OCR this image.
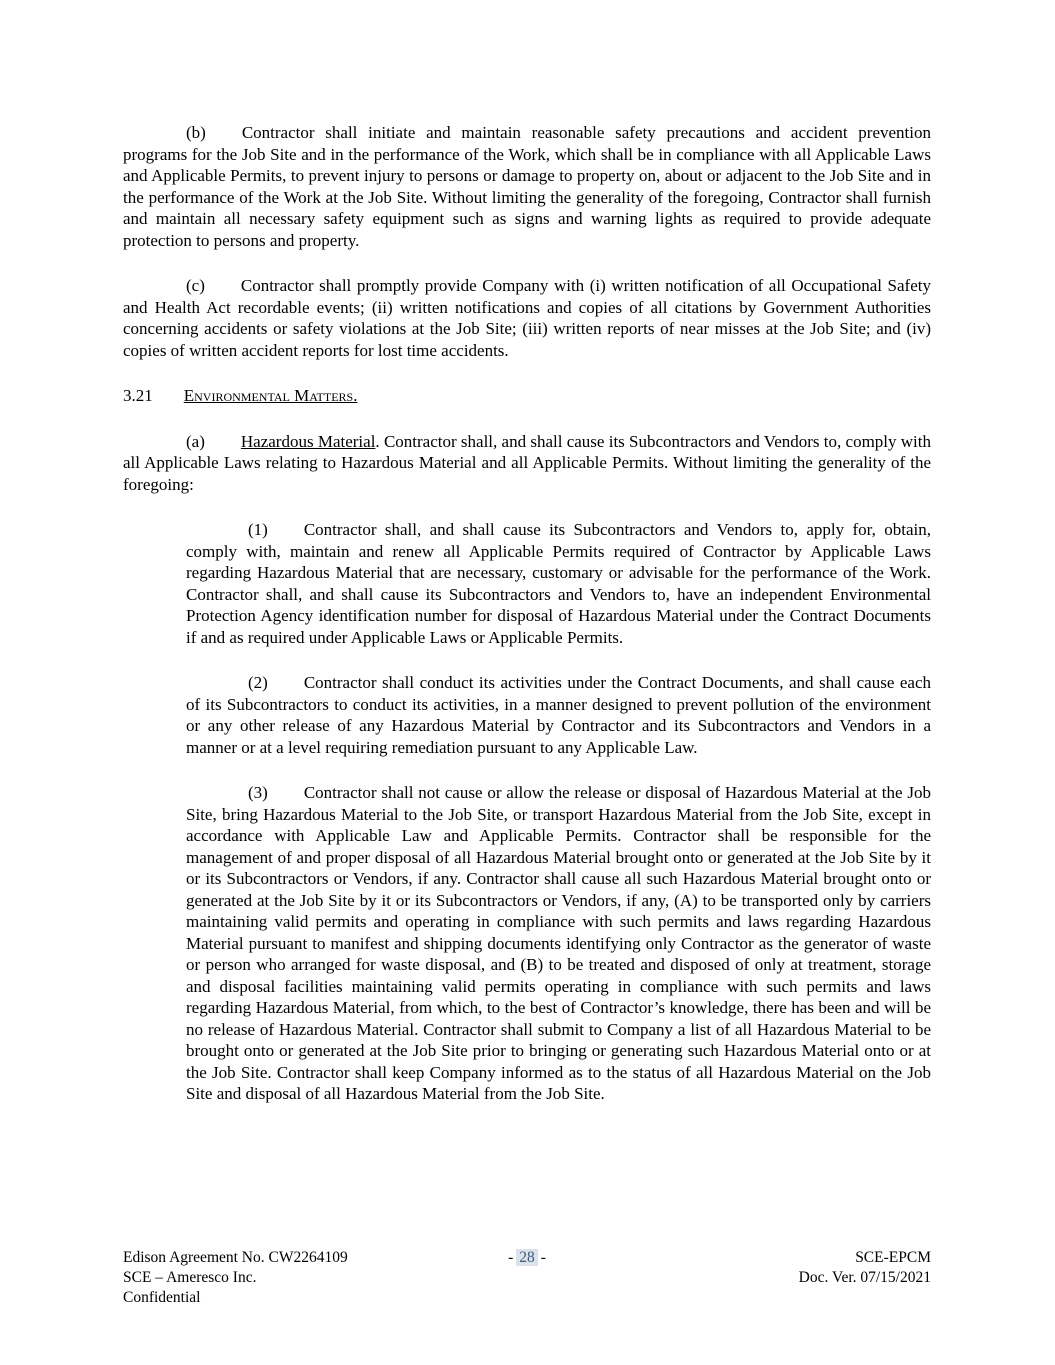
(b) Contractor shall initiate and maintain reasonable safety precautions and accident prevention programs for the Job Site and in the performance of the Work, which shall be in compliance with all Applicable Laws and Applicable Permits, to prevent injury to persons or damage to property on, about or adjacent to the Job Site and in the performance of the Work at the Job Site. Without limiting the generality of the foregoing, Contractor shall furnish and maintain all necessary safety equipment such as signs and warning lights as required to provide adequate protection to persons and property.

(c) Contractor shall promptly provide Company with (i) written notification of all Occupational Safety and Health Act recordable events; (ii) written notifications and copies of all citations by Government Authorities concerning accidents or safety violations at the Job Site; (iii) written reports of near misses at the Job Site; and (iv) copies of written accident reports for lost time accidents.

3.21 Environmental Matters.

(a) Hazardous Material. Contractor shall, and shall cause its Subcontractors and Vendors to, comply with all Applicable Laws relating to Hazardous Material and all Applicable Permits. Without limiting the generality of the foregoing:

(1) Contractor shall, and shall cause its Subcontractors and Vendors to, apply for, obtain, comply with, maintain and renew all Applicable Permits required of Contractor by Applicable Laws regarding Hazardous Material that are necessary, customary or advisable for the performance of the Work. Contractor shall, and shall cause its Subcontractors and Vendors to, have an independent Environmental Protection Agency identification number for disposal of Hazardous Material under the Contract Documents if and as required under Applicable Laws or Applicable Permits.

(2) Contractor shall conduct its activities under the Contract Documents, and shall cause each of its Subcontractors to conduct its activities, in a manner designed to prevent pollution of the environment or any other release of any Hazardous Material by Contractor and its Subcontractors and Vendors in a manner or at a level requiring remediation pursuant to any Applicable Law.

(3) Contractor shall not cause or allow the release or disposal of Hazardous Material at the Job Site, bring Hazardous Material to the Job Site, or transport Hazardous Material from the Job Site, except in accordance with Applicable Law and Applicable Permits. Contractor shall be responsible for the management of and proper disposal of all Hazardous Material brought onto or generated at the Job Site by it or its Subcontractors or Vendors, if any. Contractor shall cause all such Hazardous Material brought onto or generated at the Job Site by it or its Subcontractors or Vendors, if any, (A) to be transported only by carriers maintaining valid permits and operating in compliance with such permits and laws regarding Hazardous Material pursuant to manifest and shipping documents identifying only Contractor as the generator of waste or person who arranged for waste disposal, and (B) to be treated and disposed of only at treatment, storage and disposal facilities maintaining valid permits operating in compliance with such permits and laws regarding Hazardous Material, from which, to the best of Contractor’s knowledge, there has been and will be no release of Hazardous Material. Contractor shall submit to Company a list of all Hazardous Material to be brought onto or generated at the Job Site prior to bringing or generating such Hazardous Material onto or at the Job Site. Contractor shall keep Company informed as to the status of all Hazardous Material on the Job Site and disposal of all Hazardous Material from the Job Site.

Edison Agreement No. CW2264109
SCE – Ameresco Inc.
Confidential
- 28 -	SCE-EPCM
Doc. Ver. 07/15/2021
